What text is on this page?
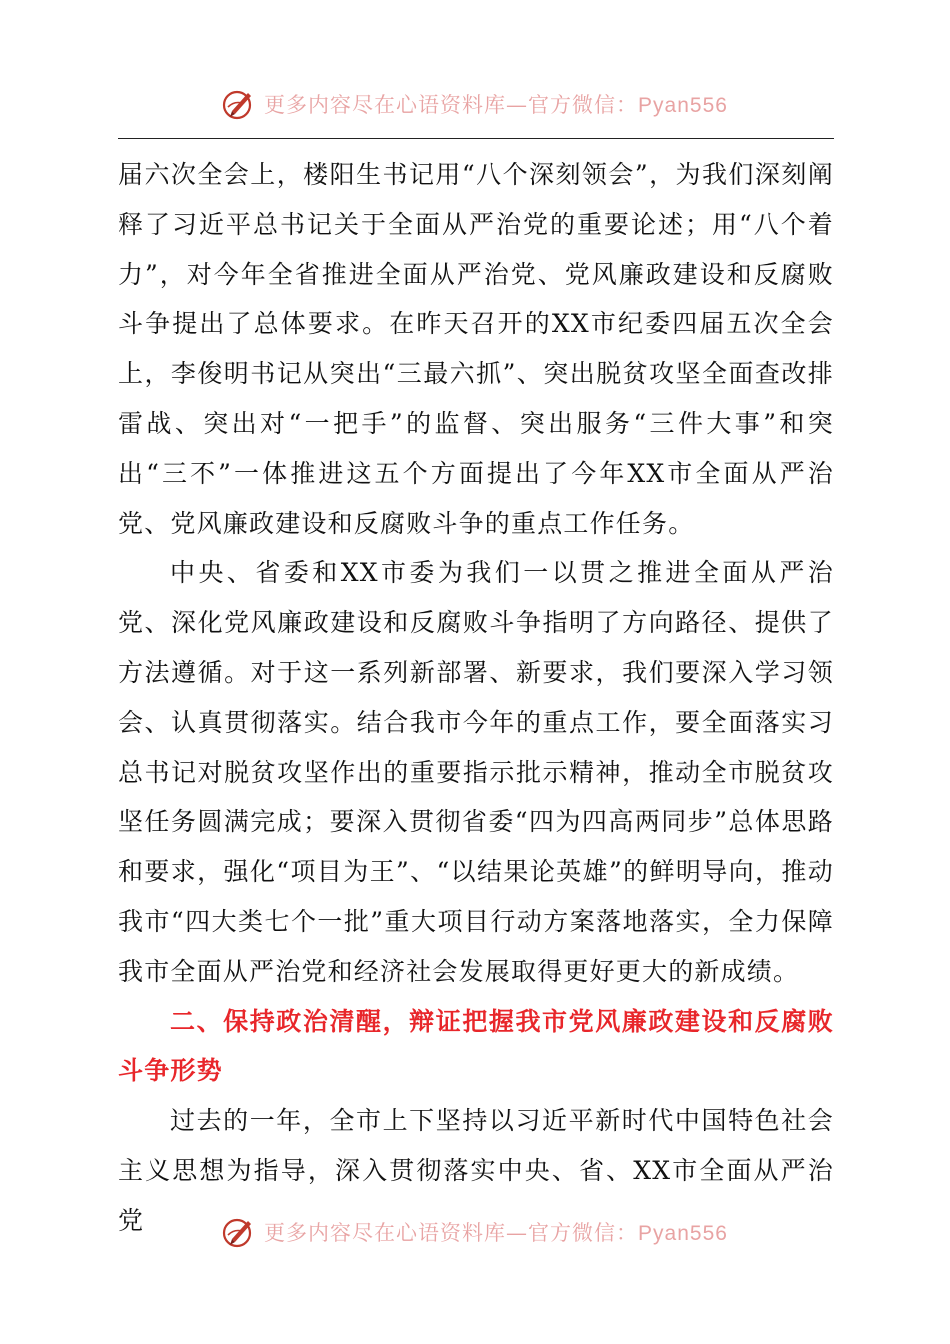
更多内容尽在心语资料库—官方微信：Pyan556

届六次全会上，楼阳生书记用“八个深刻领会”，为我们深刻阐释了习近平总书记关于全面从严治党的重要论述；用“八个着力”，对今年全省推进全面从严治党、党风廉政建设和反腐败斗争提出了总体要求。在昨天召开的XX市纪委四届五次全会上，李俊明书记从突出“三最六抓”、突出脱贫攻坚全面查改排雷战、突出对“一把手”的监督、突出服务“三件大事”和突出“三不”一体推进这五个方面提出了今年XX市全面从严治党、党风廉政建设和反腐败斗争的重点工作任务。

中央、省委和XX市委为我们一以贯之推进全面从严治党、深化党风廉政建设和反腐败斗争指明了方向路径、提供了方法遵循。对于这一系列新部署、新要求，我们要深入学习领会、认真贯彻落实。结合我市今年的重点工作，要全面落实习总书记对脱贫攻坚作出的重要指示批示精神，推动全市脱贫攻坚任务圆满完成；要深入贯彻省委“四为四高两同步”总体思路和要求，强化“项目为王”、“以结果论英雄”的鲜明导向，推动我市“四大类七个一批”重大项目行动方案落地落实，全力保障我市全面从严治党和经济社会发展取得更好更大的新成绩。

二、保持政治清醒，辩证把握我市党风廉政建设和反腐败斗争形势

过去的一年，全市上下坚持以习近平新时代中国特色社会主义思想为指导，深入贯彻落实中央、省、XX市全面从严治党	更多内容尽在心语资料库—官方微信：Pyan556
